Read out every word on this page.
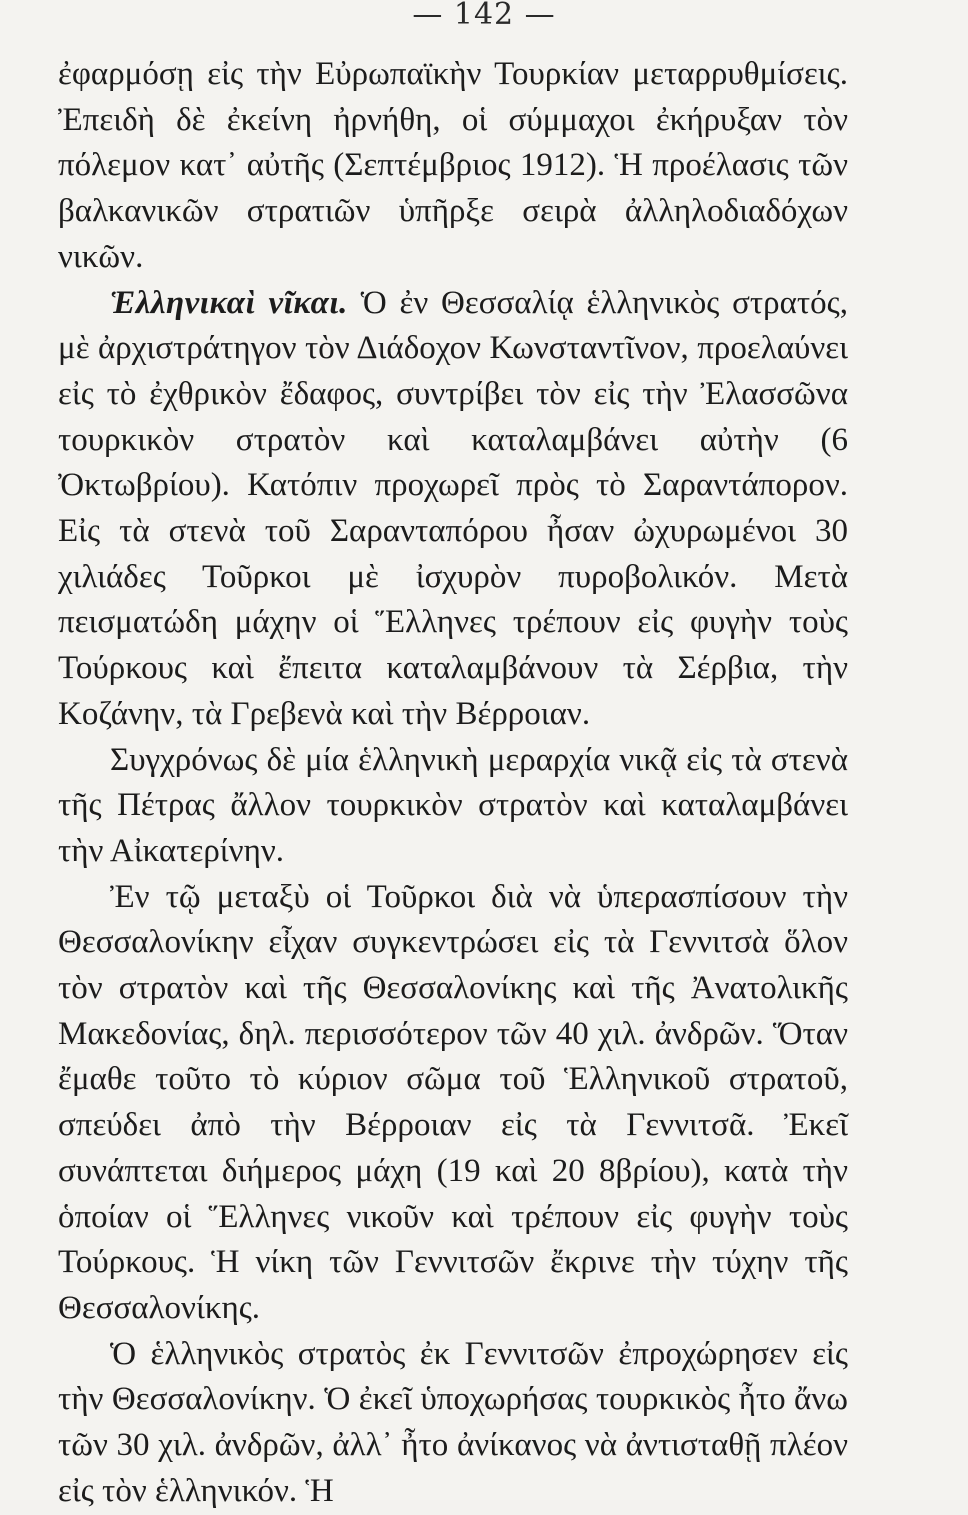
— 142 —

ἐφαρμόσῃ εἰς τὴν Εὐρωπαϊκὴν Τουρκίαν μεταρρυθμίσεις. Ἐπειδὴ δὲ ἐκείνη ἠρνήθη, οἱ σύμμαχοι ἐκήρυξαν τὸν πόλεμον κατ᾽ αὐτῆς (Σεπτέμβριος 1912). Ἡ προέλασις τῶν βαλκανικῶν στρατιῶν ὑπῆρξε σειρὰ ἀλληλοδιαδόχων νικῶν.

Ἑλληνικαὶ νῖκαι. Ὁ ἐν Θεσσαλίᾳ ἑλληνικὸς στρατός, μὲ ἀρχιστράτηγον τὸν Διάδοχον Κωνσταντῖνον, προελαύνει εἰς τὸ ἐχθρικὸν ἔδαφος, συντρίβει τὸν εἰς τὴν Ἐλασσῶνα τουρκικὸν στρατὸν καὶ καταλαμβάνει αὐτὴν (6 Ὀκτωβρίου). Κατόπιν προχωρεῖ πρὸς τὸ Σαραντάπορον. Εἰς τὰ στενὰ τοῦ Σαρανταπόρου ἦσαν ὠχυρωμένοι 30 χιλιάδες Τοῦρκοι μὲ ἰσχυρὸν πυροβολικόν. Μετὰ πεισματώδη μάχην οἱ Ἕλληνες τρέπουν εἰς φυγὴν τοὺς Τούρκους καὶ ἔπειτα καταλαμβάνουν τὰ Σέρβια, τὴν Κοζάνην, τὰ Γρεβενὰ καὶ τὴν Βέρροιαν.

Συγχρόνως δὲ μία ἑλληνικὴ μεραρχία νικᾷ εἰς τὰ στενὰ τῆς Πέτρας ἄλλον τουρκικὸν στρατὸν καὶ καταλαμβάνει τὴν Αἰκατερίνην.

Ἐν τῷ μεταξὺ οἱ Τοῦρκοι διὰ νὰ ὑπερασπίσουν τὴν Θεσσαλονίκην εἶχαν συγκεντρώσει εἰς τὰ Γεννιτσὰ ὅλον τὸν στρατὸν καὶ τῆς Θεσσαλονίκης καὶ τῆς Ἀνατολικῆς Μακεδονίας, δηλ. περισσότερον τῶν 40 χιλ. ἀνδρῶν. Ὅταν ἔμαθε τοῦτο τὸ κύριον σῶμα τοῦ Ἑλληνικοῦ στρατοῦ, σπεύδει ἀπὸ τὴν Βέρροιαν εἰς τὰ Γεννιτσᾶ. Ἐκεῖ συνάπτεται διήμερος μάχη (19 καὶ 20 8βρίου), κατὰ τὴν ὁποίαν οἱ Ἕλληνες νικοῦν καὶ τρέπουν εἰς φυγὴν τοὺς Τούρκους. Ἡ νίκη τῶν Γεννιτσῶν ἔκρινε τὴν τύχην τῆς Θεσσαλονίκης.

Ὁ ἑλληνικὸς στρατὸς ἐκ Γεννιτσῶν ἐπροχώρησεν εἰς τὴν Θεσσαλονίκην. Ὁ ἐκεῖ ὑποχωρήσας τουρκικὸς ἦτο ἄνω τῶν 30 χιλ. ἀνδρῶν, ἀλλ᾽ ἦτο ἀνίκανος νὰ ἀντισταθῇ πλέον εἰς τὸν ἑλληνικόν. Ἡ
